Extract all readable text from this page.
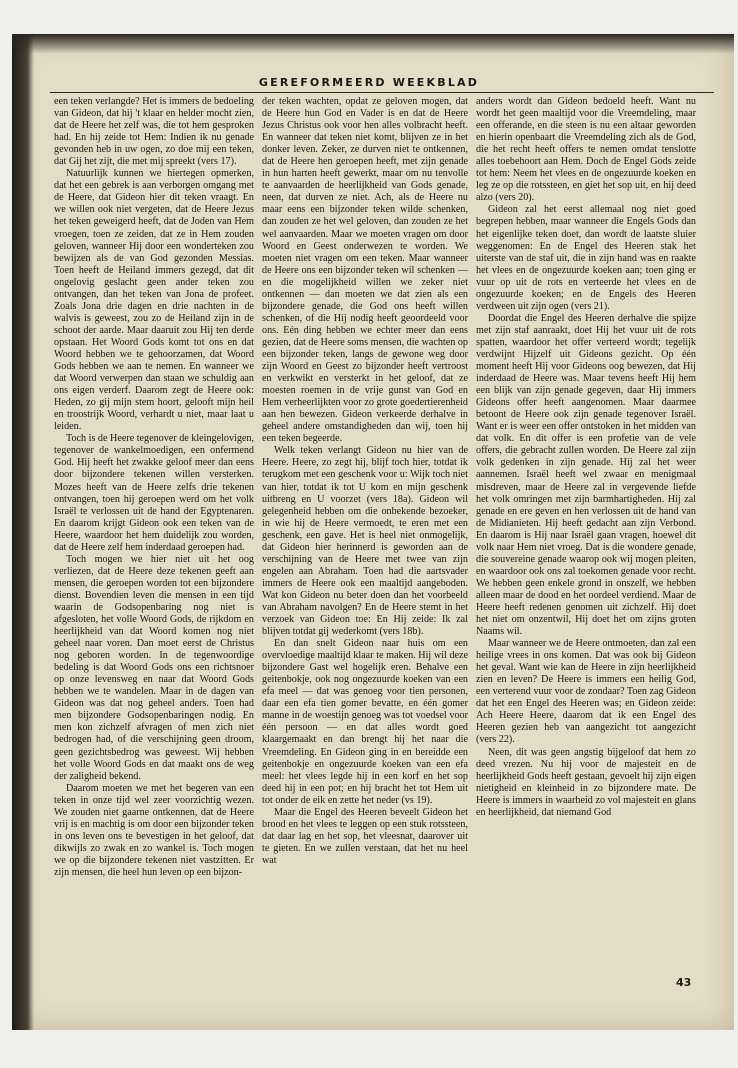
GEREFORMEERD WEEKBLAD

een teken verlangde? Het is immers de bedoeling van Gideon, dat hij 't klaar en helder mocht zien, dat de Heere het zelf was, die tot hem gesproken had. En hij zeide tot Hem: Indien ik nu genade gevonden heb in uw ogen, zo doe mij een teken, dat Gij het zijt, die met mij spreekt (vers 17).

Natuurlijk kunnen we hiertegen opmerken, dat het een gebrek is aan verborgen omgang met de Heere, dat Gideon hier dit teken vraagt. En we willen ook niet vergeten, dat de Heere Jezus het teken geweigerd heeft, dat de Joden van Hem vroegen, toen ze zeiden, dat ze in Hem zouden geloven, wanneer Hij door een wonderteken zou bewijzen als de van God gezonden Messias. Toen heeft de Heiland immers gezegd, dat dit ongelovig geslacht geen ander teken zou ontvangen, dan het teken van Jona de profeet. Zoals Jona drie dagen en drie nachten in de walvis is geweest, zou zo de Heiland zijn in de schoot der aarde. Maar daaruit zou Hij ten derde opstaan. Het Woord Gods komt tot ons en dat Woord hebben we te gehoorzamen, dat Woord Gods hebben we aan te nemen. En wanneer we dat Woord verwerpen dan staan we schuldig aan ons eigen verderf. Daarom zegt de Heere ook: Heden, zo gij mijn stem hoort, gelooft mijn heil en troostrijk Woord, verhardt u niet, maar laat u leiden.

Toch is de Heere tegenover de kleingelovigen, tegenover de wankelmoedigen, een onfermend God. Hij heeft het zwakke geloof meer dan eens door bijzondere tekenen willen versterken. Mozes heeft van de Heere zelfs drie tekenen ontvangen, toen hij geroepen werd om het volk Israël te verlossen uit de hand der Egyptenaren. En daarom krijgt Gideon ook een teken van de Heere, waardoor het hem duidelijk zou worden, dat de Heere zelf hem inderdaad geroepen had.

Toch mogen we hier niet uit het oog verliezen, dat de Heere deze tekenen geeft aan mensen, die geroepen worden tot een bijzondere dienst. Bovendien leven die mensen in een tijd waarin de Godsopenbaring nog niet is afgesloten, het volle Woord Gods, de rijkdom en heerlijkheid van dat Woord komen nog niet geheel naar voren. Dan moet eerst de Christus nog geboren worden. In de tegenwoordige bedeling is dat Woord Gods ons een richtsnoer op onze levensweg en naar dat Woord Gods hebben we te wandelen. Maar in de dagen van Gideon was dat nog geheel anders. Toen had men bijzondere Godsopenbaringen nodig. En men kon zichzelf afvragen of men zich niet bedrogen had, of die verschijning geen droom, geen gezichtsbedrog was geweest. Wij hebben het volle Woord Gods en dat maakt ons de weg der zaligheid bekend.

Daarom moeten we met het begeren van een teken in onze tijd wel zeer voorzichtig wezen. We zouden niet gaarne ontkennen, dat de Heere vrij is en machtig is om door een bijzonder teken in ons leven ons te bevestigen in het geloof, dat dikwijls zo zwak en zo wankel is. Toch mogen we op die bijzondere tekenen niet vastzitten. Er zijn mensen, die heel hun leven op een bijzon-

der teken wachten, opdat ze geloven mogen, dat de Heere hun God en Vader is en dat de Heere Jezus Christus ook voor hen alles volbracht heeft. En wanneer dat teken niet komt, blijven ze in het donker leven. Zeker, ze durven niet te ontkennen, dat de Heere hen geroepen heeft, met zijn genade in hun harten heeft gewerkt, maar om nu tenvolle te aanvaarden de heerlijkheid van Gods genade, neen, dat durven ze niet. Ach, als de Heere nu maar eens een bijzonder teken wilde schenken, dan zouden ze het wel geloven, dan zouden ze het wel aanvaarden. Maar we moeten vragen om door Woord en Geest onderwezen te worden. We moeten niet vragen om een teken. Maar wanneer de Heere ons een bijzonder teken wil schenken — en die mogelijkheid willen we zeker niet ontkennen — dan moeten we dat zien als een bijzondere genade, die God ons heeft willen schenken, of die Hij nodig heeft geoordeeld voor ons. Eén ding hebben we echter meer dan eens gezien, dat de Heere soms mensen, die wachten op een bijzonder teken, langs de gewone weg door zijn Woord en Geest zo bijzonder heeft vertroost en verkwikt en versterkt in het geloof, dat ze moesten roemen in de vrije gunst van God en Hem verheerlijkten voor zo grote goedertierenheid aan hen bewezen. Gideon verkeerde derhalve in geheel andere omstandigheden dan wij, toen hij een teken begeerde.

Welk teken verlangt Gideon nu hier van de Heere. Heere, zo zegt hij, blijf toch hier, totdat ik terugkom met een geschenk voor u: Wijk toch niet van hier, totdat ik tot U kom en mijn geschenk uitbreng en U voorzet (vers 18a). Gideon wil gelegenheid hebben om die onbekende bezoeker, in wie hij de Heere vermoedt, te eren met een geschenk, een gave. Het is heel niet onmogelijk, dat Gideon hier herinnerd is geworden aan de verschijning van de Heere met twee van zijn engelen aan Abraham. Toen had die aartsvader immers de Heere ook een maaltijd aangeboden. Wat kon Gideon nu beter doen dan het voorbeeld van Abraham navolgen? En de Heere stemt in het verzoek van Gideon toe: En Hij zeide: Ik zal blijven totdat gij wederkomt (vers 18b).

En dan snelt Gideon naar huis om een overvloedige maaltijd klaar te maken. Hij wil deze bijzondere Gast wel hogelijk eren. Behalve een geitenbokje, ook nog ongezuurde koeken van een efa meel — dat was genoeg voor tien personen, daar een efa tien gomer bevatte, en één gomer manne in de woestijn genoeg was tot voedsel voor één persoon — en dat alles wordt goed klaargemaakt en dan brengt hij het naar die Vreemdeling. En Gideon ging in en bereidde een geitenbokje en ongezuurde koeken van een efa meel: het vlees legde hij in een korf en het sop deed hij in een pot; en hij bracht het tot Hem uit tot onder de eik en zette het neder (vs 19).

Maar die Engel des Heeren beveelt Gideon het brood en het vlees te leggen op een stuk rotssteen, dat daar lag en het sop, het vleesnat, daarover uit te gieten. En we zullen verstaan, dat het nu heel wat

anders wordt dan Gideon bedoeld heeft. Want nu wordt het geen maaltijd voor die Vreemdeling, maar een offerande, en die steen is nu een altaar geworden en hierin openbaart die Vreemdeling zich als de God, die het recht heeft offers te nemen omdat tenslotte alles toebehoort aan Hem. Doch de Engel Gods zeide tot hem: Neem het vlees en de ongezuurde koeken en leg ze op die rotssteen, en giet het sop uit, en hij deed alzo (vers 20).

Gideon zal het eerst allemaal nog niet goed begrepen hebben, maar wanneer die Engels Gods dan het eigenlijke teken doet, dan wordt de laatste sluier weggenomen: En de Engel des Heeren stak het uiterste van de staf uit, die in zijn hand was en raakte het vlees en de ongezuurde koeken aan; toen ging er vuur op uit de rots en verteerde het vlees en de ongezuurde koeken; en de Engels des Heeren verdween uit zijn ogen (vers 21).

Doordat die Engel des Heeren derhalve die spijze met zijn staf aanraakt, doet Hij het vuur uit de rots spatten, waardoor het offer verteerd wordt; tegelijk verdwijnt Hijzelf uit Gideons gezicht. Op één moment heeft Hij voor Gideons oog bewezen, dat Hij inderdaad de Heere was. Maar tevens heeft Hij hem een blijk van zijn genade gegeven, daar Hij immers Gideons offer heeft aangenomen. Maar daarmee betoont de Heere ook zijn genade tegenover Israël. Want er is weer een offer ontstoken in het midden van dat volk. En dit offer is een profetie van de vele offers, die gebracht zullen worden. De Heere zal zijn volk gedenken in zijn genade. Hij zal het weer aannemen. Israël heeft wel zwaar en menigmaal misdreven, maar de Heere zal in vergevende liefde het volk omringen met zijn barmhartigheden. Hij zal genade en ere geven en hen verlossen uit de hand van de Midianieten. Hij heeft gedacht aan zijn Verbond. En daarom is Hij naar Israël gaan vragen, hoewel dit volk naar Hem niet vroeg. Dat is die wondere genade, die souvereine genade waarop ook wij mogen pleiten, en waardoor ook ons zal toekomen genade voor recht. We hebben geen enkele grond in onszelf, we hebben alleen maar de dood en het oordeel verdiend. Maar de Heere heeft redenen genomen uit zichzelf. Hij doet het niet om onzentwil, Hij doet het om zijns groten Naams wil.

Maar wanneer we de Heere ontmoeten, dan zal een heilige vrees in ons komen. Dat was ook bij Gideon het geval. Want wie kan de Heere in zijn heerlijkheid zien en leven? De Heere is immers een heilig God, een verterend vuur voor de zondaar? Toen zag Gideon dat het een Engel des Heeren was; en Gideon zeide: Ach Heere Heere, daarom dat ik een Engel des Heeren gezien heb van aangezicht tot aangezicht (vers 22).

Neen, dit was geen angstig bijgeloof dat hem zo deed vrezen. Nu hij voor de majesteit en de heerlijkheid Gods heeft gestaan, gevoelt hij zijn eigen nietigheid en kleinheid in zo bijzondere mate. De Heere is immers in waarheid zo vol majesteit en glans en heerlijkheid, dat niemand God

43
